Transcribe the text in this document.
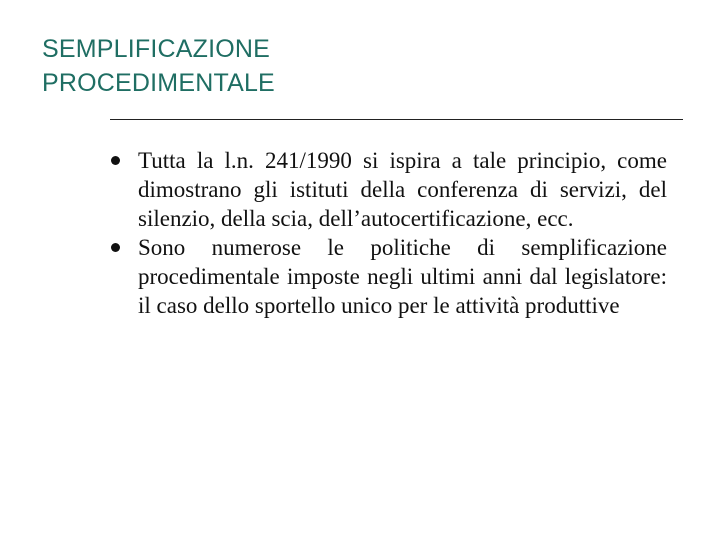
SEMPLIFICAZIONE
PROCEDIMENTALE
Tutta la l.n. 241/1990 si ispira a tale principio, come dimostrano gli istituti della conferenza di servizi, del silenzio, della scia, dell’autocertificazione, ecc.
Sono numerose le politiche di semplificazione procedimentale imposte negli ultimi anni dal legislatore: il caso dello sportello unico per le attività produttive
